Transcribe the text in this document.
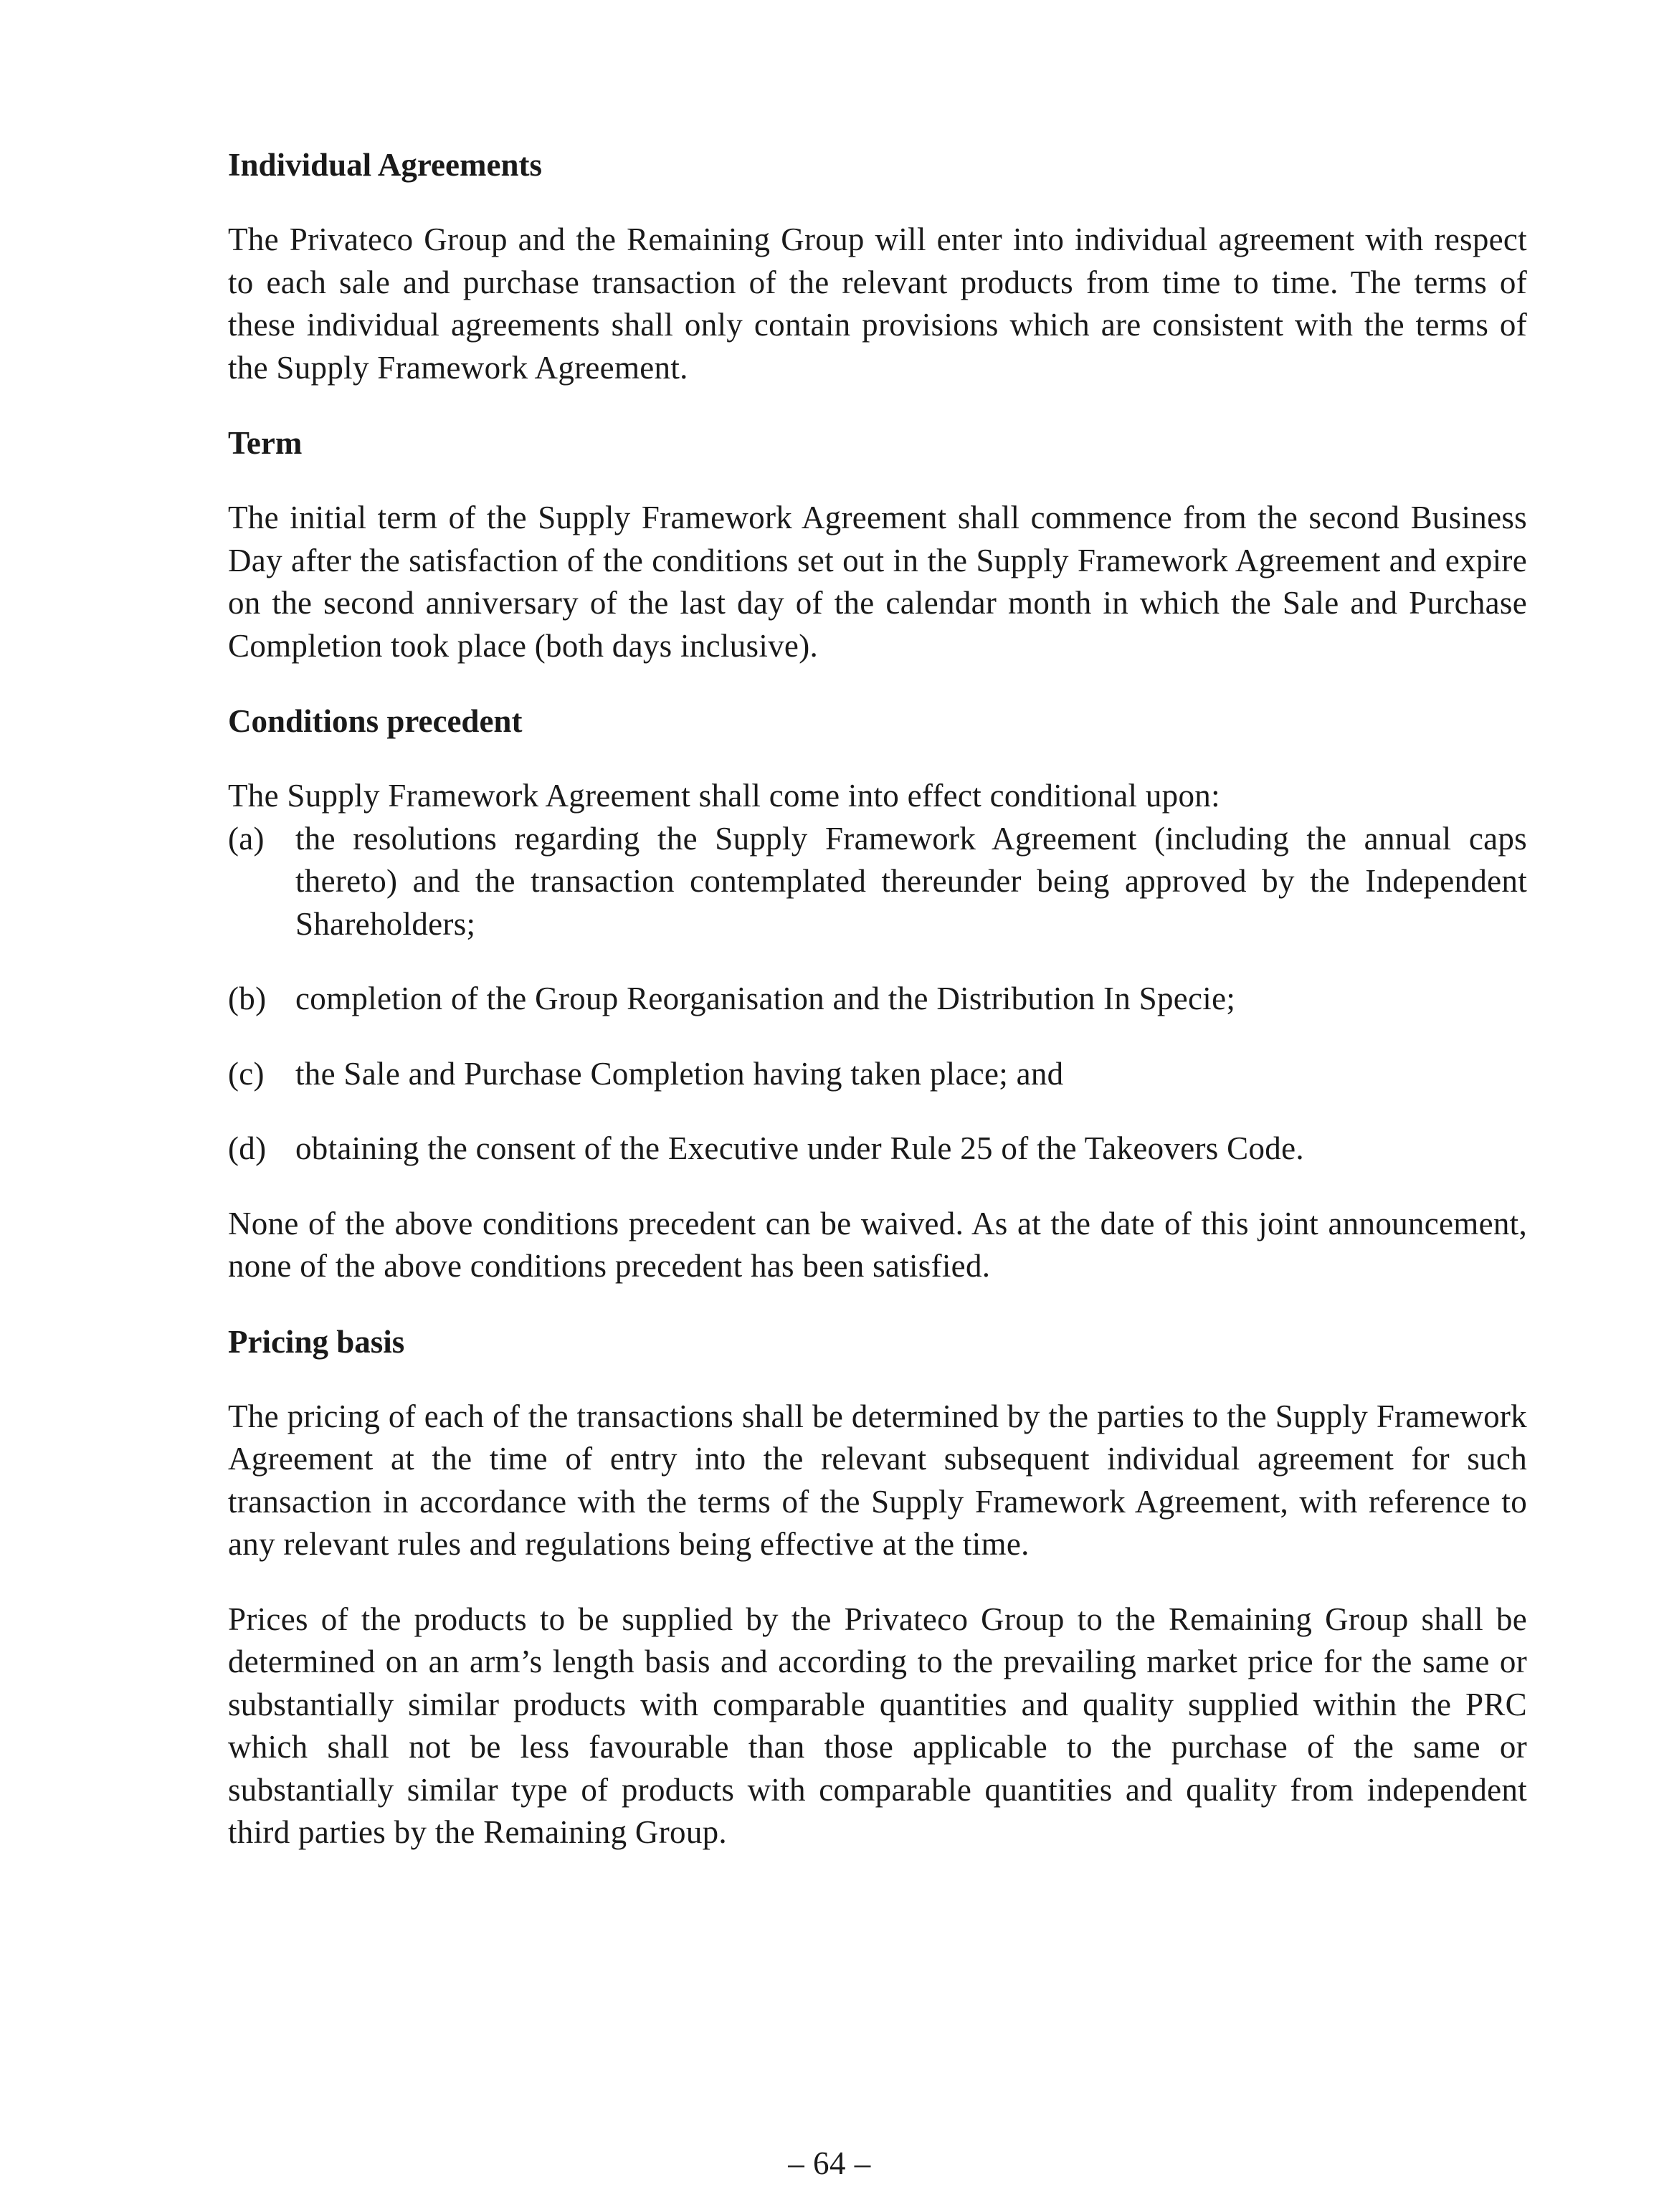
Individual Agreements

The Privateco Group and the Remaining Group will enter into individual agreement with respect to each sale and purchase transaction of the relevant products from time to time. The terms of these individual agreements shall only contain provisions which are consistent with the terms of the Supply Framework Agreement.

Term

The initial term of the Supply Framework Agreement shall commence from the second Business Day after the satisfaction of the conditions set out in the Supply Framework Agreement and expire on the second anniversary of the last day of the calendar month in which the Sale and Purchase Completion took place (both days inclusive).

Conditions precedent

The Supply Framework Agreement shall come into effect conditional upon:

(a) the resolutions regarding the Supply Framework Agreement (including the annual caps thereto) and the transaction contemplated thereunder being approved by the Independent Shareholders;
(b) completion of the Group Reorganisation and the Distribution In Specie;
(c) the Sale and Purchase Completion having taken place; and
(d) obtaining the consent of the Executive under Rule 25 of the Takeovers Code.

None of the above conditions precedent can be waived. As at the date of this joint announcement, none of the above conditions precedent has been satisfied.

Pricing basis

The pricing of each of the transactions shall be determined by the parties to the Supply Framework Agreement at the time of entry into the relevant subsequent individual agreement for such transaction in accordance with the terms of the Supply Framework Agreement, with reference to any relevant rules and regulations being effective at the time.

Prices of the products to be supplied by the Privateco Group to the Remaining Group shall be determined on an arm’s length basis and according to the prevailing market price for the same or substantially similar products with comparable quantities and quality supplied within the PRC which shall not be less favourable than those applicable to the purchase of the same or substantially similar type of products with comparable quantities and quality from independent third parties by the Remaining Group.

– 64 –
